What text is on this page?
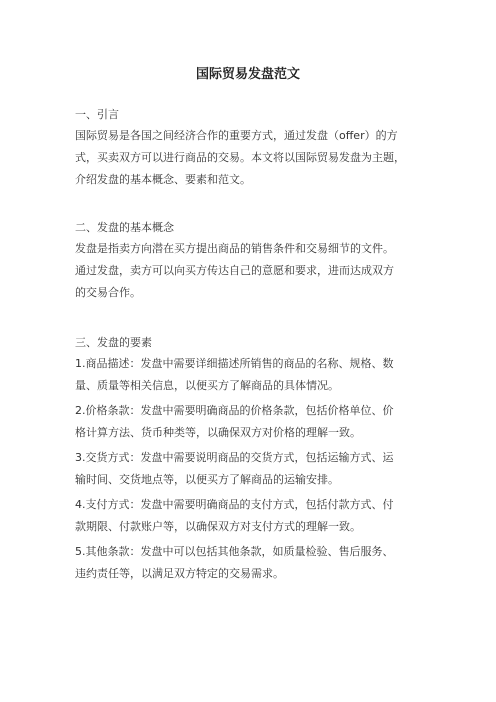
国际贸易发盘范文

一、引言

国际贸易是各国之间经济合作的重要方式，通过发盘（offer）的方
式，买卖双方可以进行商品的交易。本文将以国际贸易发盘为主题，
介绍发盘的基本概念、要素和范文。

二、发盘的基本概念

发盘是指卖方向潜在买方提出商品的销售条件和交易细节的文件。
通过发盘，卖方可以向买方传达自己的意愿和要求，进而达成双方
的交易合作。

三、发盘的要素

1.商品描述：发盘中需要详细描述所销售的商品的名称、规格、数
量、质量等相关信息，以便买方了解商品的具体情况。

2.价格条款：发盘中需要明确商品的价格条款，包括价格单位、价
格计算方法、货币种类等，以确保双方对价格的理解一致。

3.交货方式：发盘中需要说明商品的交货方式，包括运输方式、运
输时间、交货地点等，以便买方了解商品的运输安排。

4.支付方式：发盘中需要明确商品的支付方式，包括付款方式、付
款期限、付款账户等，以确保双方对支付方式的理解一致。

5.其他条款：发盘中可以包括其他条款，如质量检验、售后服务、
违约责任等，以满足双方特定的交易需求。
